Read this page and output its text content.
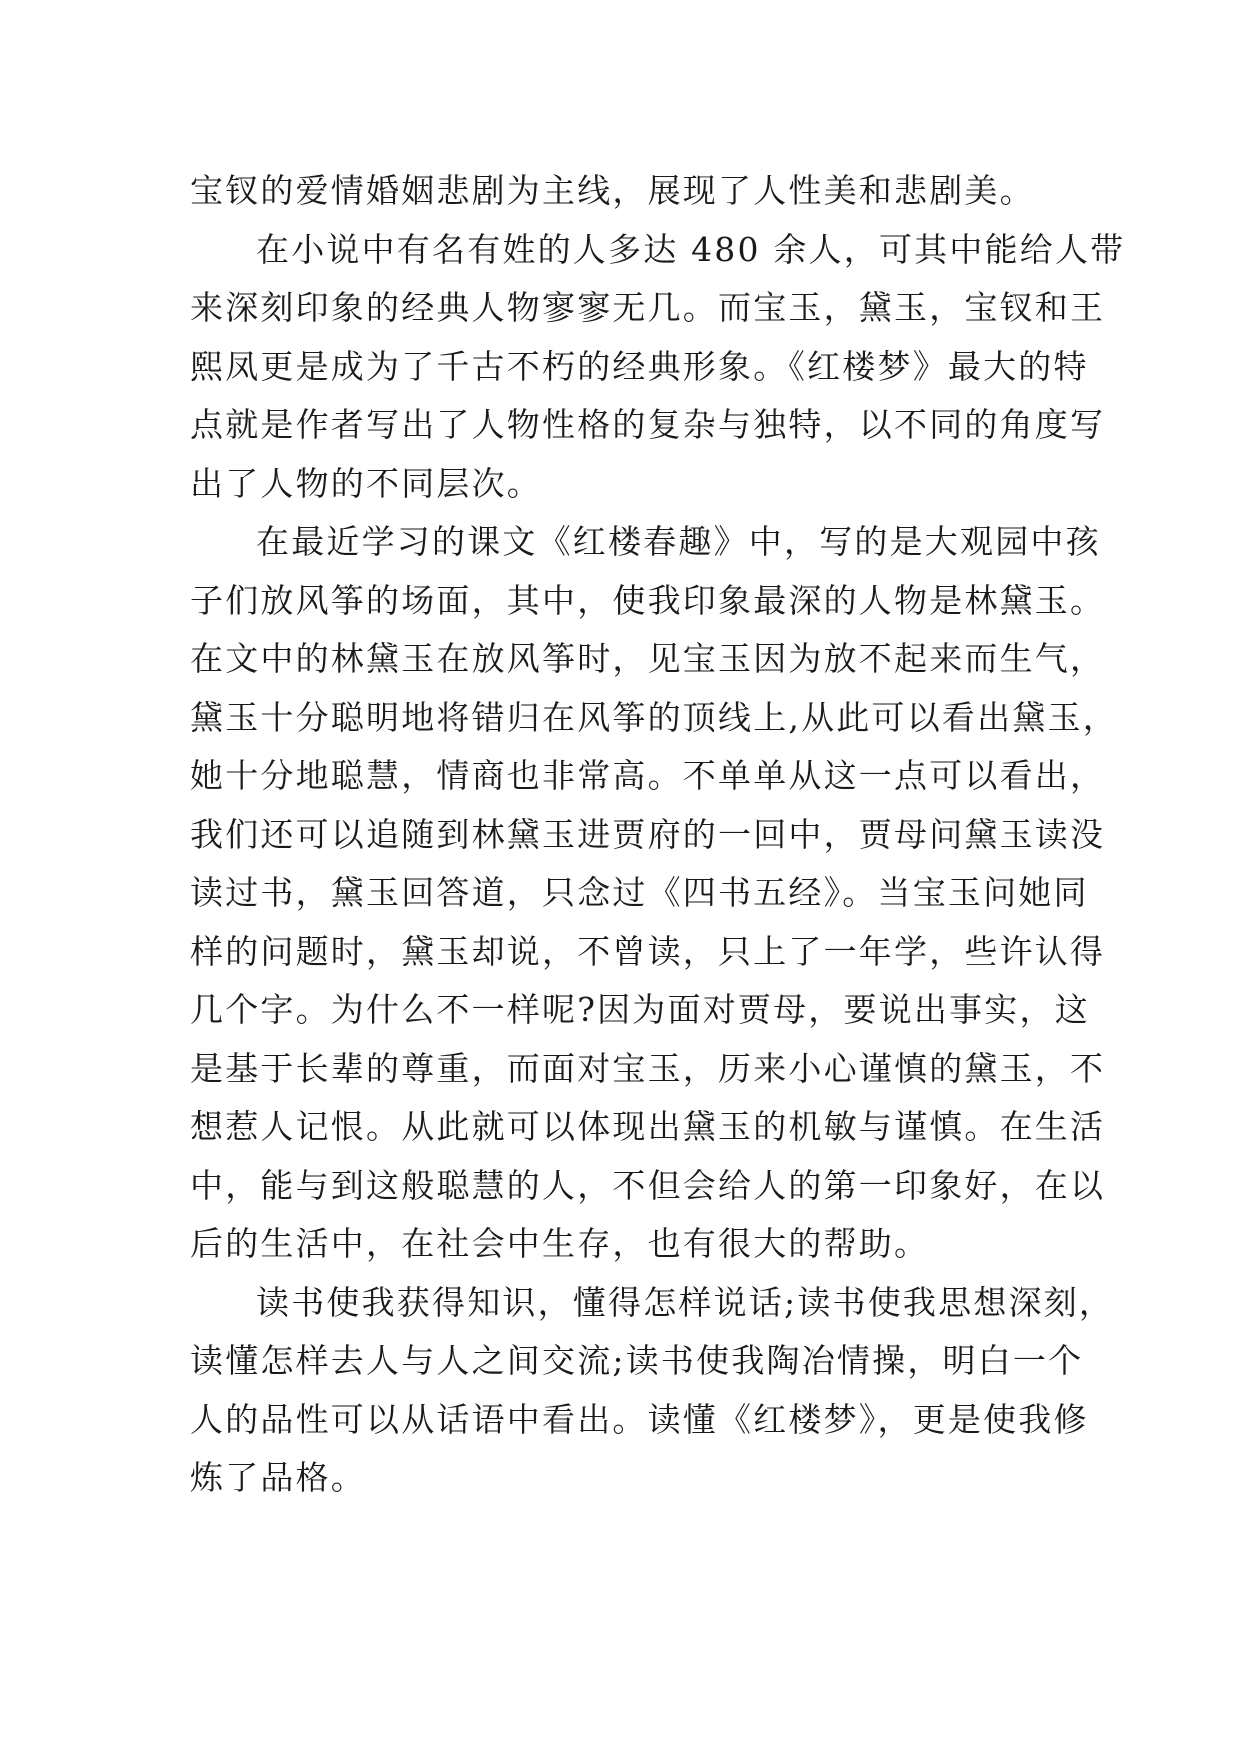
宝钗的爱情婚姻悲剧为主线，展现了人性美和悲剧美。
在小说中有名有姓的人多达 480 余人，可其中能给人带
来深刻印象的经典人物寥寥无几。而宝玉，黛玉，宝钗和王
熙凤更是成为了千古不朽的经典形象。《红楼梦》最大的特
点就是作者写出了人物性格的复杂与独特，以不同的角度写
出了人物的不同层次。
在最近学习的课文《红楼春趣》中，写的是大观园中孩
子们放风筝的场面，其中，使我印象最深的人物是林黛玉。
在文中的林黛玉在放风筝时，见宝玉因为放不起来而生气，
黛玉十分聪明地将错归在风筝的顶线上,从此可以看出黛玉，
她十分地聪慧，情商也非常高。不单单从这一点可以看出，
我们还可以追随到林黛玉进贾府的一回中，贾母问黛玉读没
读过书，黛玉回答道，只念过《四书五经》。当宝玉问她同
样的问题时，黛玉却说，不曾读，只上了一年学，些许认得
几个字。为什么不一样呢?因为面对贾母，要说出事实，这
是基于长辈的尊重，而面对宝玉，历来小心谨慎的黛玉，不
想惹人记恨。从此就可以体现出黛玉的机敏与谨慎。在生活
中，能与到这般聪慧的人，不但会给人的第一印象好，在以
后的生活中，在社会中生存，也有很大的帮助。
读书使我获得知识，懂得怎样说话;读书使我思想深刻，
读懂怎样去人与人之间交流;读书使我陶冶情操，明白一个
人的品性可以从话语中看出。读懂《红楼梦》，更是使我修
炼了品格。
